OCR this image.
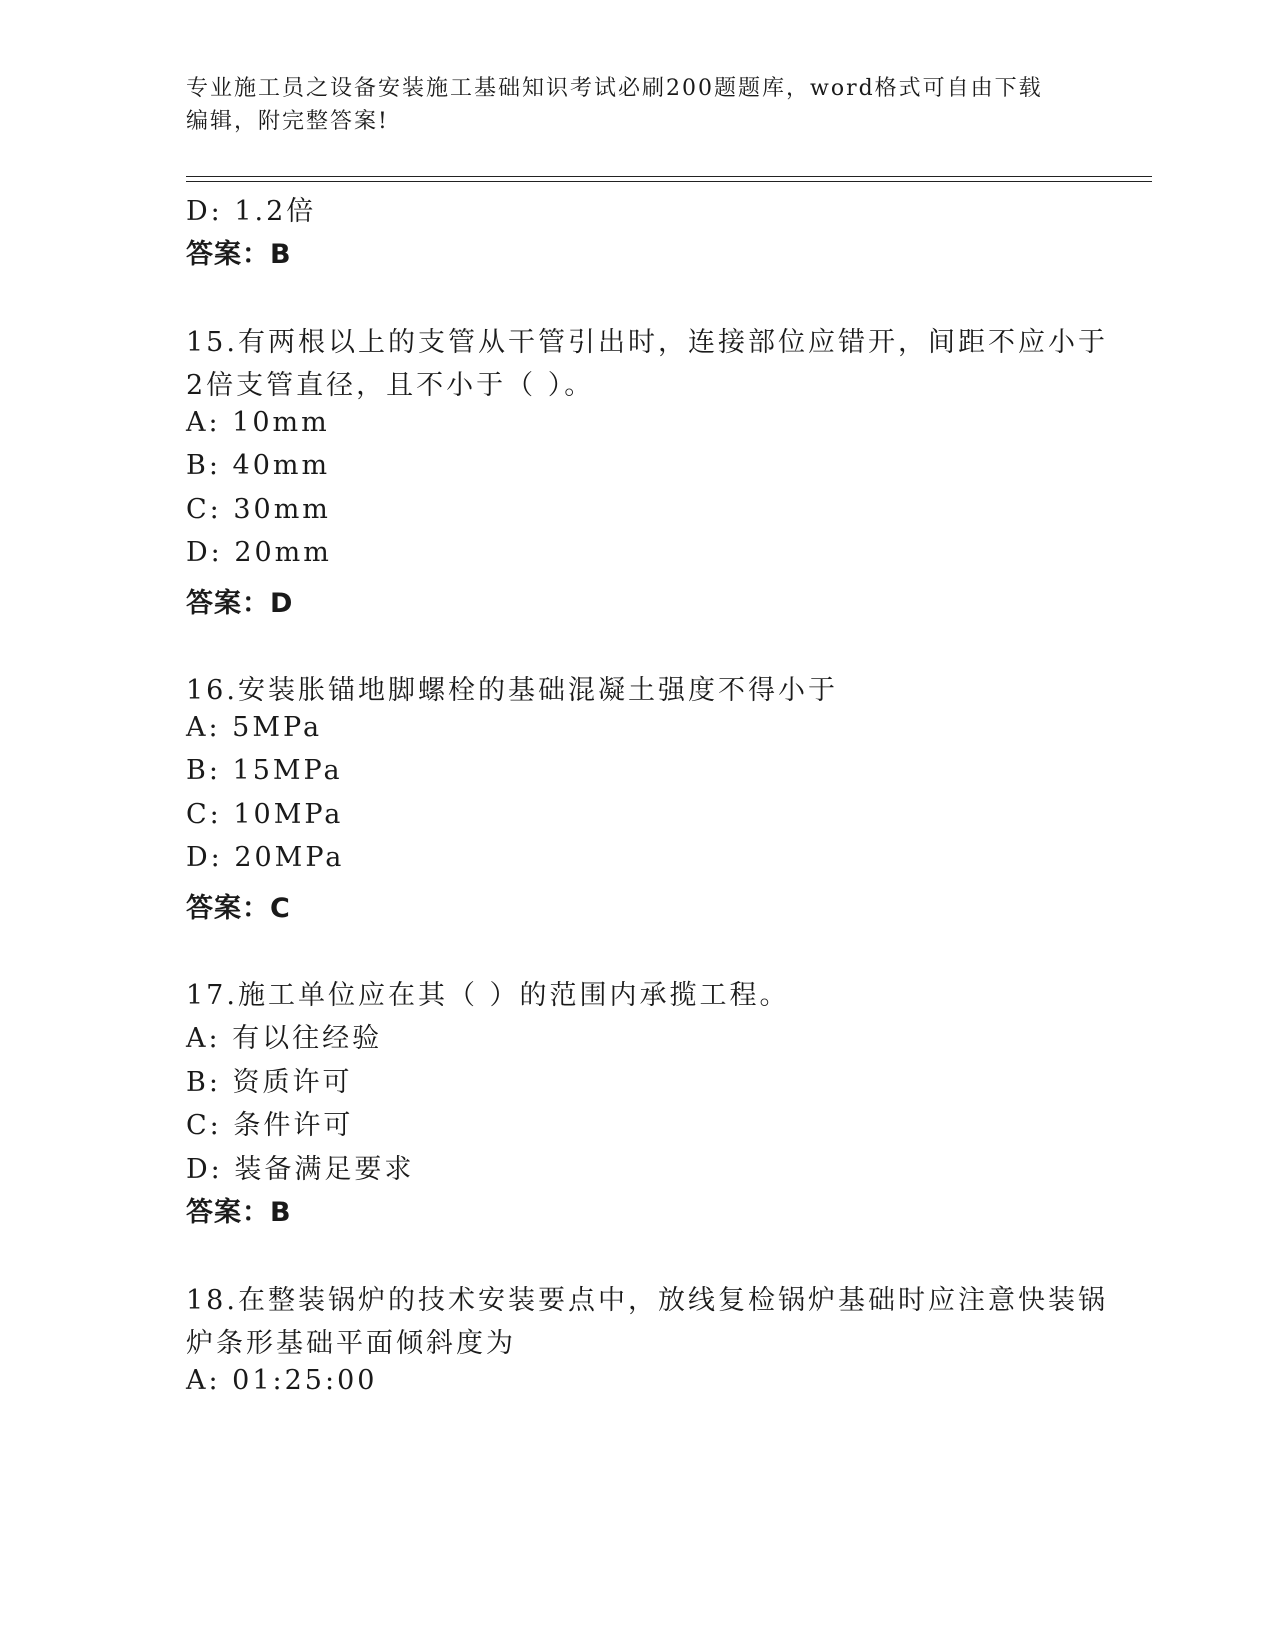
专业施工员之设备安装施工基础知识考试必刷200题题库，word格式可自由下载
编辑，附完整答案!

D: 1.2倍

答案：B

15.有两根以上的支管从干管引出时，连接部位应错开，间距不应小于

2倍支管直径，且不小于（ ）。

A: 10mm

B: 40mm

C: 30mm

D: 20mm

答案：D

16.安装胀锚地脚螺栓的基础混凝土强度不得小于

A: 5MPa

B: 15MPa

C: 10MPa

D: 20MPa

答案：C

17.施工单位应在其（ ）的范围内承揽工程。

A: 有以往经验

B: 资质许可

C: 条件许可

D: 装备满足要求

答案：B

18.在整装锅炉的技术安装要点中，放线复检锅炉基础时应注意快装锅

炉条形基础平面倾斜度为

A: 01:25:00
